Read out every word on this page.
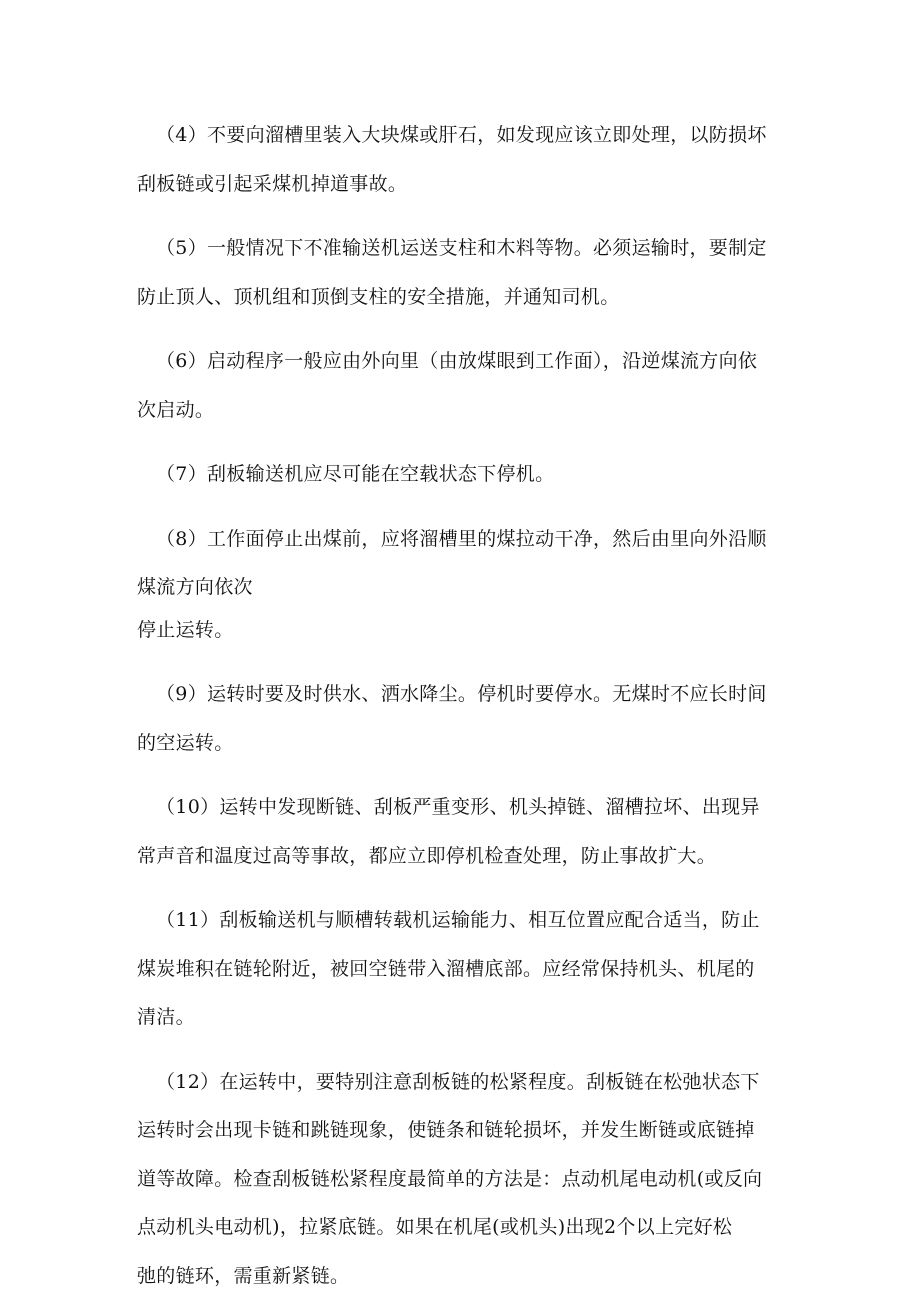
（4）不要向溜槽里装入大块煤或肝石，如发现应该立即处理，以防损坏
刮板链或引起采煤机掉道事故。

（5）一般情况下不准输送机运送支柱和木料等物。必须运输时，要制定
防止顶人、顶机组和顶倒支柱的安全措施，并通知司机。

（6）启动程序一般应由外向里（由放煤眼到工作面），沿逆煤流方向依
次启动。

（7）刮板输送机应尽可能在空载状态下停机。

（8）工作面停止出煤前，应将溜槽里的煤拉动干净，然后由里向外沿顺
煤流方向依次

停止运转。

（9）运转时要及时供水、洒水降尘。停机时要停水。无煤时不应长时间
的空运转。

（10）运转中发现断链、刮板严重变形、机头掉链、溜槽拉坏、出现异
常声音和温度过高等事故，都应立即停机检查处理，防止事故扩大。

（11）刮板输送机与顺槽转载机运输能力、相互位置应配合适当，防止
煤炭堆积在链轮附近，被回空链带入溜槽底部。应经常保持机头、机尾的
清洁。

（12）在运转中，要特别注意刮板链的松紧程度。刮板链在松弛状态下
运转时会出现卡链和跳链现象，使链条和链轮损坏，并发生断链或底链掉
道等故障。检查刮板链松紧程度最简单的方法是：点动机尾电动机(或反向
点动机头电动机)，拉紧底链。如果在机尾(或机头)出现2个以上完好松
弛的链环，需重新紧链。
